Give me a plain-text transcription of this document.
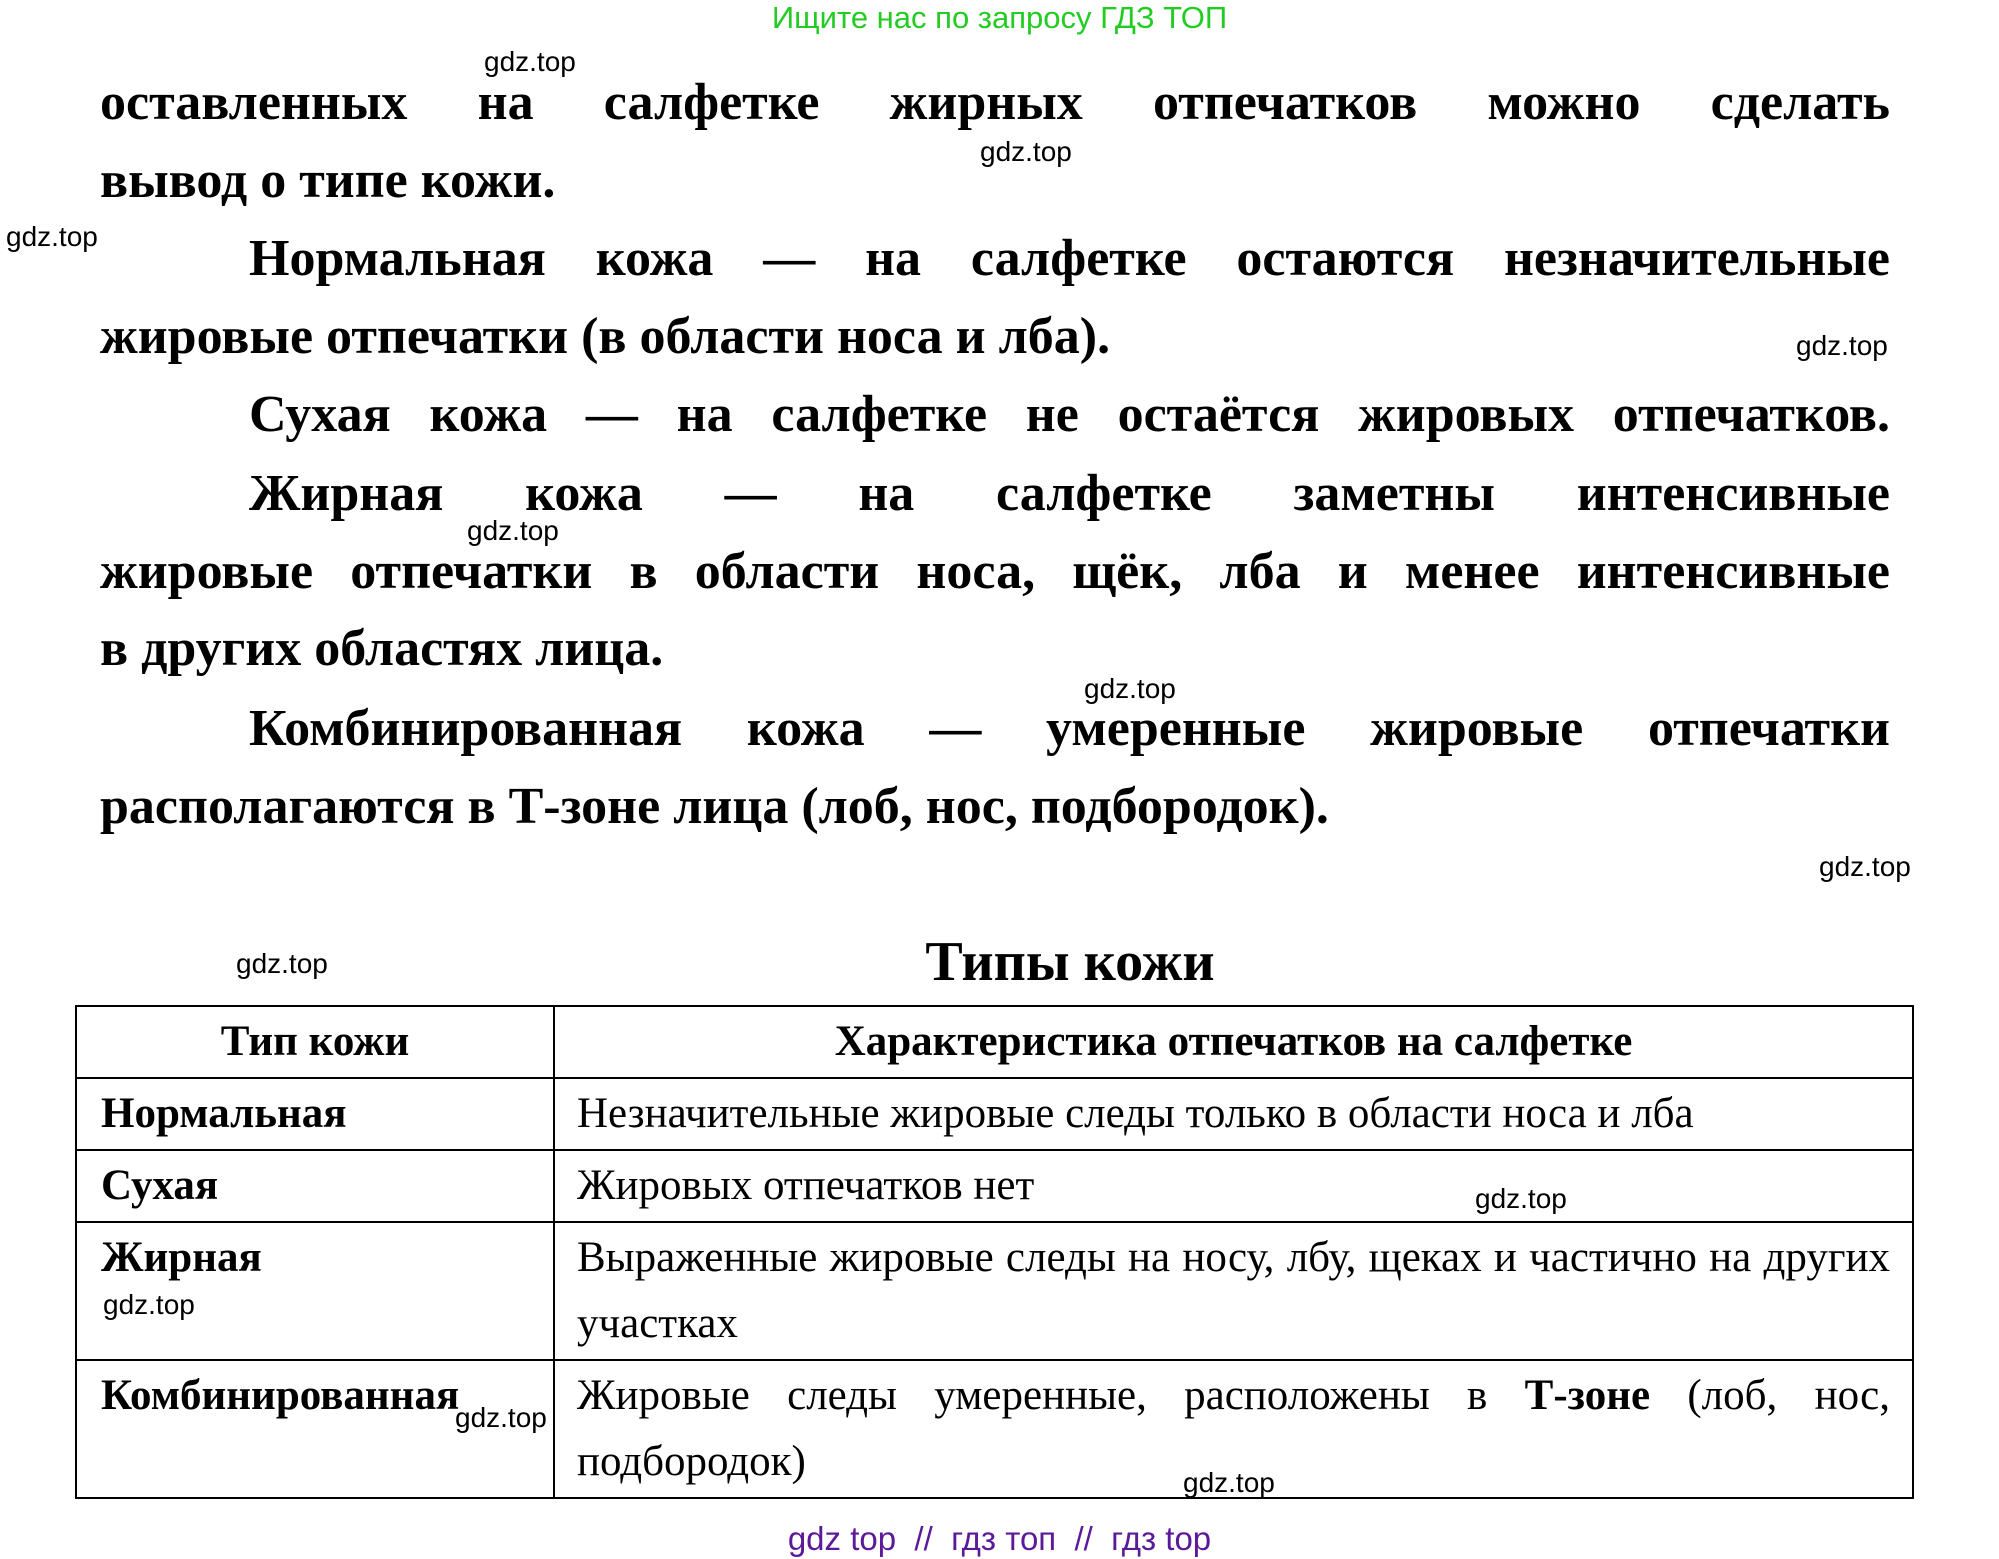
Ищите нас по запросу ГДЗ ТОП
оставленных на салфетке жирных отпечатков можно сделать
вывод о типе кожи.
Нормальная кожа — на салфетке остаются незначительные
жировые отпечатки (в области носа и лба).
Сухая кожа — на салфетке не остаётся жировых отпечатков.
Жирная кожа — на салфетке заметны интенсивные
жировые отпечатки в области носа, щёк, лба и менее интенсивные
в других областях лица.
Комбинированная кожа — умеренные жировые отпечатки
располагаются в Т-зоне лица (лоб, нос, подбородок).
Типы кожи
Тип кожи	Характеристика отпечатков на салфетке
Нормальная	Незначительные жировые следы только в области носа и лба
Сухая	Жировых отпечатков нет
Жирная	Выраженные жировые следы на носу, лбу, щеках и частично на других участках
Комбинированная	Жировые следы умеренные, расположены в Т-зоне (лоб, нос, подбородок)
gdz.top
gdz.top
gdz.top
gdz.top
gdz.top
gdz.top
gdz.top
gdz.top
gdz.top
gdz.top
gdz.top
gdz.top
gdz top  //  гдз топ  //  гдз top
